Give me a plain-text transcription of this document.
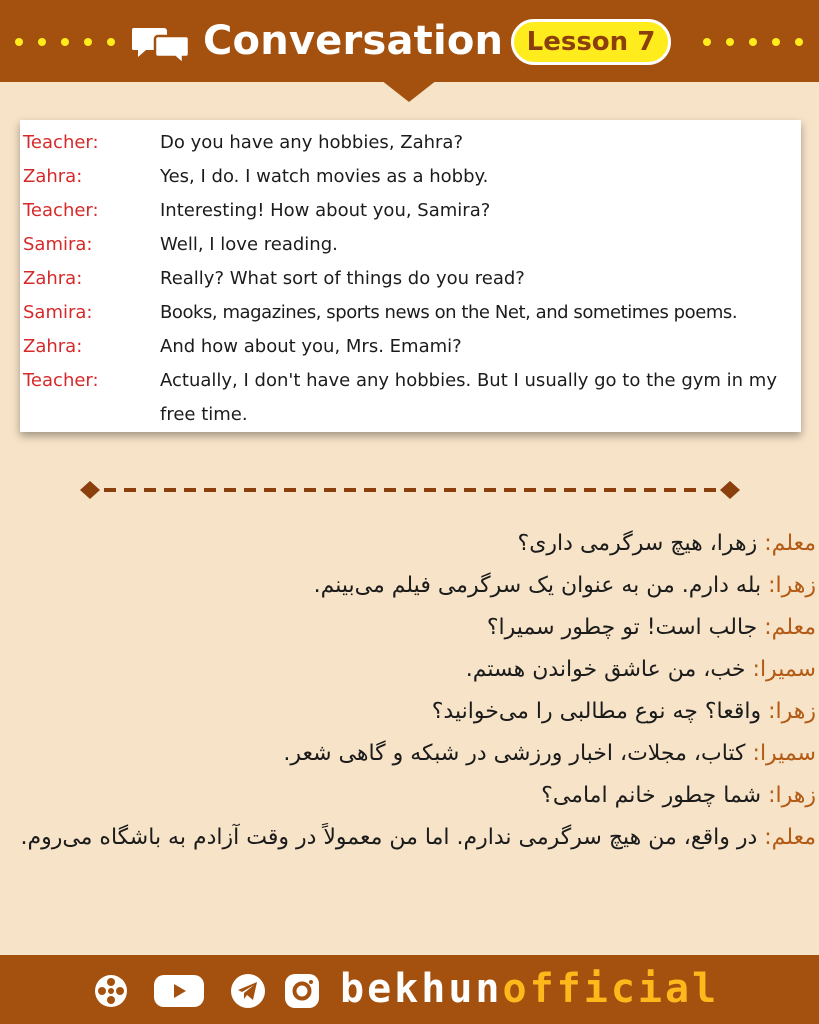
Conversation Lesson 7
Teacher:	Do you have any hobbies, Zahra?
Zahra:	Yes, I do. I watch movies as a hobby.
Teacher:	Interesting! How about you, Samira?
Samira:	Well, I love reading.
Zahra:	Really? What sort of things do you read?
Samira:	Books, magazines, sports news on the Net, and sometimes poems.
Zahra:	And how about you, Mrs. Emami?
Teacher:	Actually, I don't have any hobbies. But I usually go to the gym in my free time.
معلم: زهرا، هیچ سرگرمی داری؟
زهرا: بله دارم. من به عنوان یک سرگرمی فیلم می‌بینم.
معلم: جالب است! تو چطور سمیرا؟
سمیرا: خب، من عاشق خواندن هستم.
زهرا: واقعا؟ چه نوع مطالبی را می‌خوانید؟
سمیرا: کتاب، مجلات، اخبار ورزشی در شبکه و گاهی شعر.
زهرا: شما چطور خانم امامی؟
معلم: در واقع، من هیچ سرگرمی ندارم. اما من معمولاً در وقت آزادم به باشگاه می‌روم.
bekhunofficial
